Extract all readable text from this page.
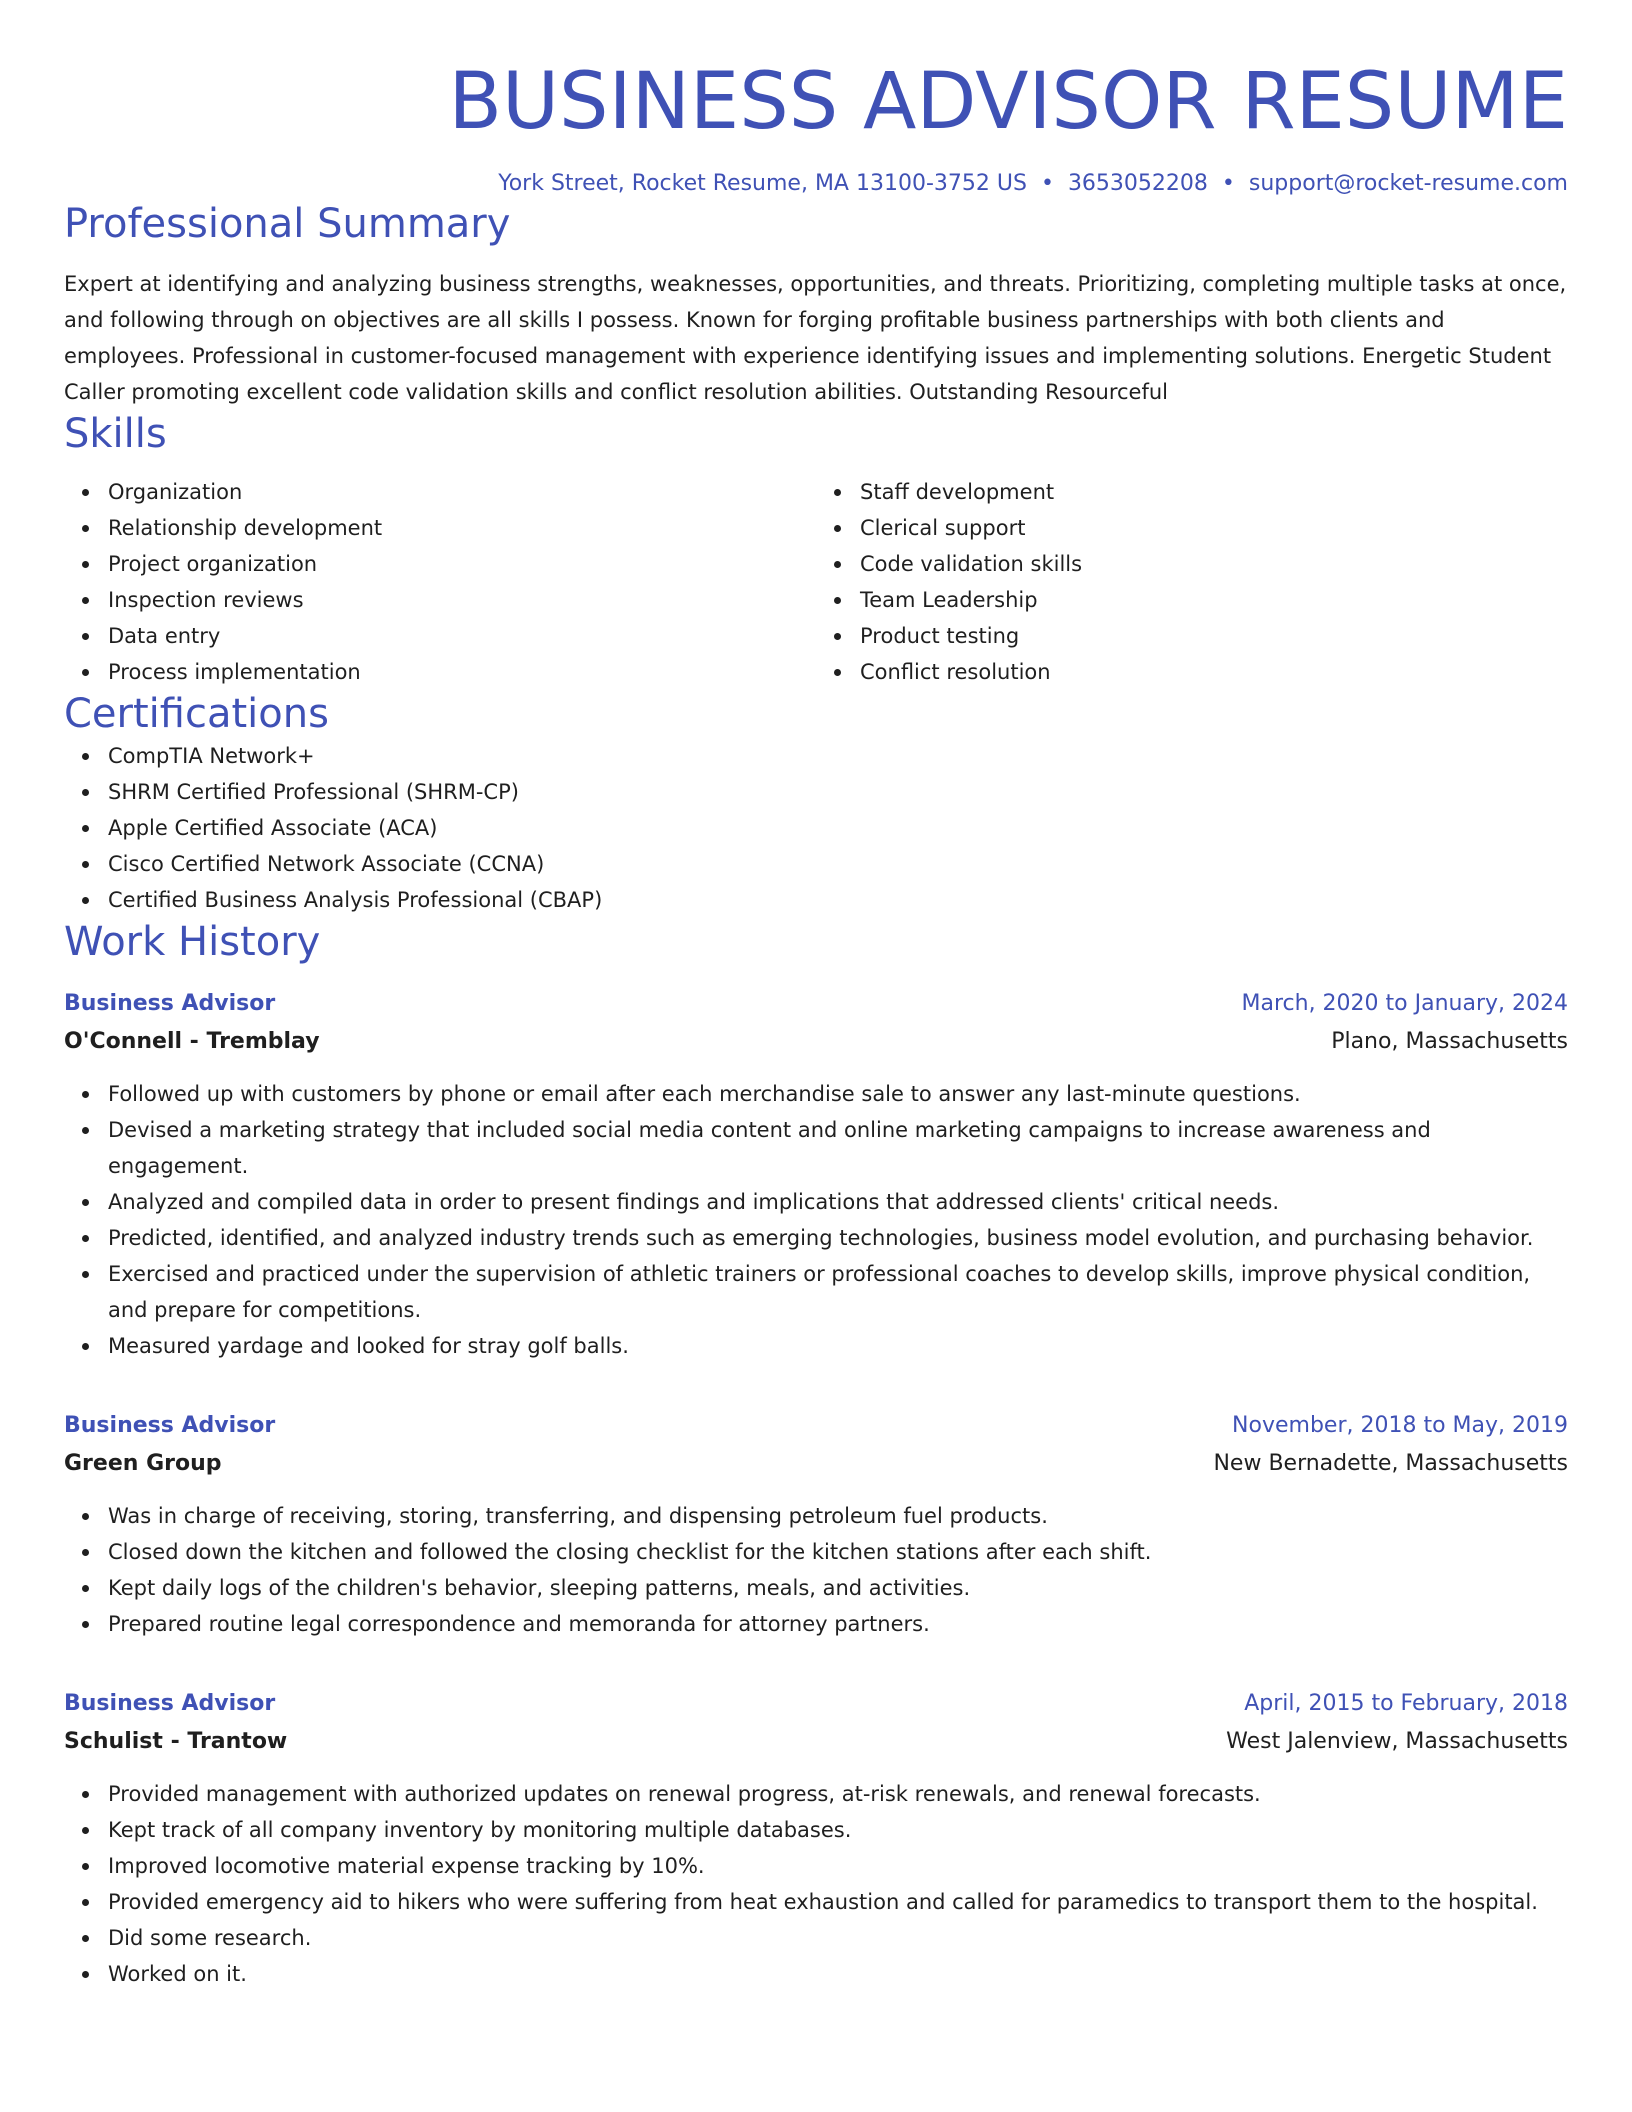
BUSINESS ADVISOR RESUME
York Street, Rocket Resume, MA 13100-3752 US • 3653052208 • support@rocket-resume.com
Professional Summary
Expert at identifying and analyzing business strengths, weaknesses, opportunities, and threats. Prioritizing, completing multiple tasks at once, and following through on objectives are all skills I possess. Known for forging profitable business partnerships with both clients and employees. Professional in customer-focused management with experience identifying issues and implementing solutions. Energetic Student Caller promoting excellent code validation skills and conflict resolution abilities. Outstanding Resourceful
Skills
Organization
Relationship development
Project organization
Inspection reviews
Data entry
Process implementation
Staff development
Clerical support
Code validation skills
Team Leadership
Product testing
Conflict resolution
Certifications
CompTIA Network+
SHRM Certified Professional (SHRM-CP)
Apple Certified Associate (ACA)
Cisco Certified Network Associate (CCNA)
Certified Business Analysis Professional (CBAP)
Work History
Business Advisor	March, 2020 to January, 2024
O'Connell - Tremblay	Plano, Massachusetts
Followed up with customers by phone or email after each merchandise sale to answer any last-minute questions.
Devised a marketing strategy that included social media content and online marketing campaigns to increase awareness and engagement.
Analyzed and compiled data in order to present findings and implications that addressed clients' critical needs.
Predicted, identified, and analyzed industry trends such as emerging technologies, business model evolution, and purchasing behavior.
Exercised and practiced under the supervision of athletic trainers or professional coaches to develop skills, improve physical condition, and prepare for competitions.
Measured yardage and looked for stray golf balls.
Business Advisor	November, 2018 to May, 2019
Green Group	New Bernadette, Massachusetts
Was in charge of receiving, storing, transferring, and dispensing petroleum fuel products.
Closed down the kitchen and followed the closing checklist for the kitchen stations after each shift.
Kept daily logs of the children's behavior, sleeping patterns, meals, and activities.
Prepared routine legal correspondence and memoranda for attorney partners.
Business Advisor	April, 2015 to February, 2018
Schulist - Trantow	West Jalenview, Massachusetts
Provided management with authorized updates on renewal progress, at-risk renewals, and renewal forecasts.
Kept track of all company inventory by monitoring multiple databases.
Improved locomotive material expense tracking by 10%.
Provided emergency aid to hikers who were suffering from heat exhaustion and called for paramedics to transport them to the hospital.
Did some research.
Worked on it.
